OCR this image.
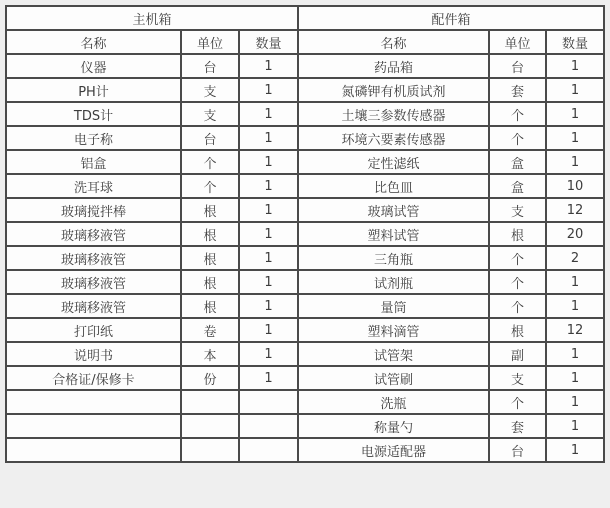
主机箱			配件箱		
名称	单位	数量	名称	单位	数量
仪器	台	1	药品箱	台	1
PH计	支	1	氮磷钾有机质试剂	套	1
TDS计	支	1	土壤三参数传感器	个	1
电子称	台	1	环境六要素传感器	个	1
铝盒	个	1	定性滤纸	盒	1
洗耳球	个	1	比色皿	盒	10
玻璃搅拌棒	根	1	玻璃试管	支	12
玻璃移液管	根	1	塑料试管	根	20
玻璃移液管	根	1	三角瓶	个	2
玻璃移液管	根	1	试剂瓶	个	1
玻璃移液管	根	1	量筒	个	1
打印纸	卷	1	塑料滴管	根	12
说明书	本	1	试管架	副	1
合格证/保修卡	份	1	试管刷	支	1
			洗瓶	个	1
			称量勺	套	1
			电源适配器	台	1
